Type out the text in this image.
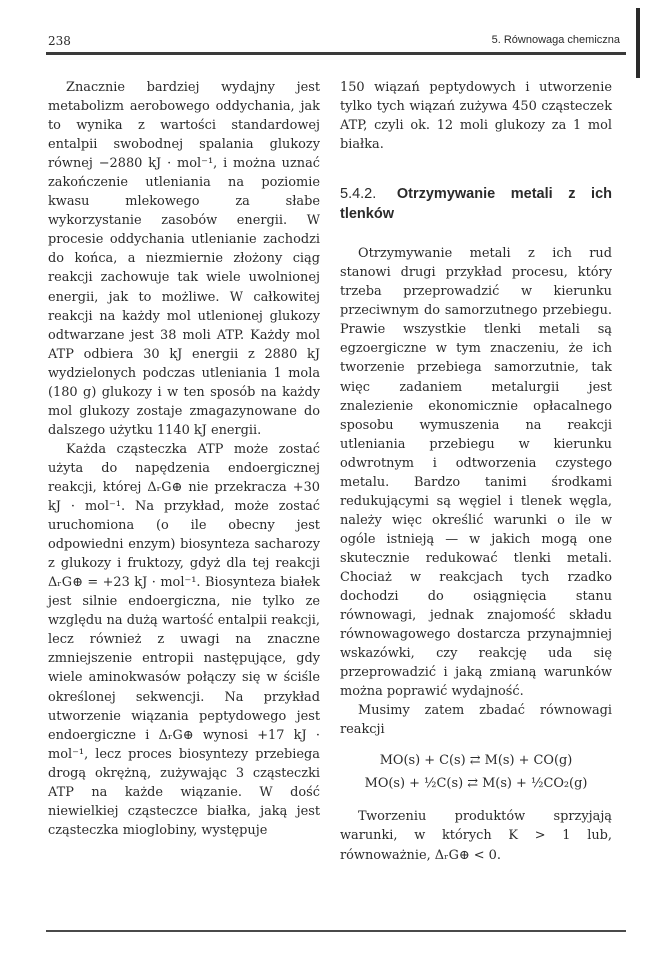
238	5. Równowaga chemiczna

Znacznie bardziej wydajny jest metabolizm aerobowego oddychania, jak to wynika z wartości standardowej entalpii swobodnej spalania glukozy równej −2880 kJ · mol⁻¹, i można uznać zakończenie utleniania na poziomie kwasu mlekowego za słabe wykorzystanie zasobów energii. W procesie oddychania utlenianie zachodzi do końca, a niezmiernie złożony ciąg reakcji zachowuje tak wiele uwolnionej energii, jak to możliwe. W całkowitej reakcji na każdy mol utlenionej glukozy odtwarzane jest 38 moli ATP. Każdy mol ATP odbiera 30 kJ energii z 2880 kJ wydzielonych podczas utleniania 1 mola (180 g) glukozy i w ten sposób na każdy mol glukozy zostaje zmagazynowane do dalszego użytku 1140 kJ energii.

Każda cząsteczka ATP może zostać użyta do napędzenia endoergicznej reakcji, której ΔᵣG⊕ nie przekracza +30 kJ · mol⁻¹. Na przykład, może zostać uruchomiona (o ile obecny jest odpowiedni enzym) biosynteza sacharozy z glukozy i fruktozy, gdyż dla tej reakcji ΔᵣG⊕ = +23 kJ · mol⁻¹. Biosynteza białek jest silnie endoergiczna, nie tylko ze względu na dużą wartość entalpii reakcji, lecz również z uwagi na znaczne zmniejszenie entropii następujące, gdy wiele aminokwasów połączy się w ściśle określonej sekwencji. Na przykład utworzenie wiązania peptydowego jest endoergiczne i ΔᵣG⊕ wynosi +17 kJ · mol⁻¹, lecz proces biosyntezy przebiega drogą okrężną, zużywając 3 cząsteczki ATP na każde wiązanie. W dość niewielkiej cząsteczce białka, jaką jest cząsteczka mioglobiny, występuje

150 wiązań peptydowych i utworzenie tylko tych wiązań zużywa 450 cząsteczek ATP, czyli ok. 12 moli glukozy za 1 mol białka.

5.4.2. Otrzymywanie metali z ich tlenków

Otrzymywanie metali z ich rud stanowi drugi przykład procesu, który trzeba przeprowadzić w kierunku przeciwnym do samorzutnego przebiegu. Prawie wszystkie tlenki metali są egzoergiczne w tym znaczeniu, że ich tworzenie przebiega samorzutnie, tak więc zadaniem metalurgii jest znalezienie ekonomicznie opłacalnego sposobu wymuszenia na reakcji utleniania przebiegu w kierunku odwrotnym i odtworzenia czystego metalu. Bardzo tanimi środkami redukującymi są węgiel i tlenek węgla, należy więc określić warunki o ile w ogóle istnieją — w jakich mogą one skutecznie redukować tlenki metali. Chociaż w reakcjach tych rzadko dochodzi do osiągnięcia stanu równowagi, jednak znajomość składu równowagowego dostarcza przynajmniej wskazówki, czy reakcję uda się przeprowadzić i jaką zmianą warunków można poprawić wydajność.

Musimy zatem zbadać równowagi reakcji

MO(s) + C(s) ⇄ M(s) + CO(g)
MO(s) + ½C(s) ⇄ M(s) + ½CO₂(g)

Tworzeniu produktów sprzyjają warunki, w których K > 1 lub, równoważnie, ΔᵣG⊕ < 0.
